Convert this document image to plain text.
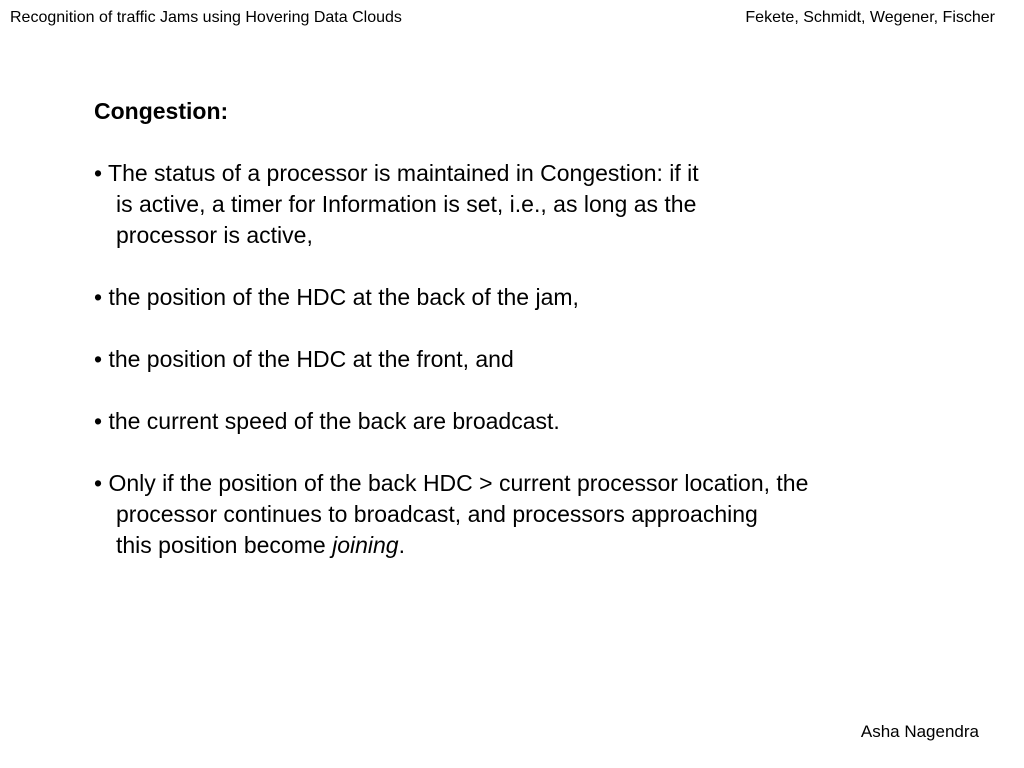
Recognition of traffic Jams using Hovering Data Clouds	Fekete, Schmidt, Wegener, Fischer
Congestion:
• The status of a processor is maintained in Congestion: if it
is active, a timer for Information is set, i.e., as long as the
processor is active,
• the position of the HDC at the back of the jam,
• the position of the HDC at the front, and
• the current speed of the back are broadcast.
• Only if the position of the back HDC > current processor location, the
processor continues to broadcast, and processors approaching
this position become joining.
Asha Nagendra
